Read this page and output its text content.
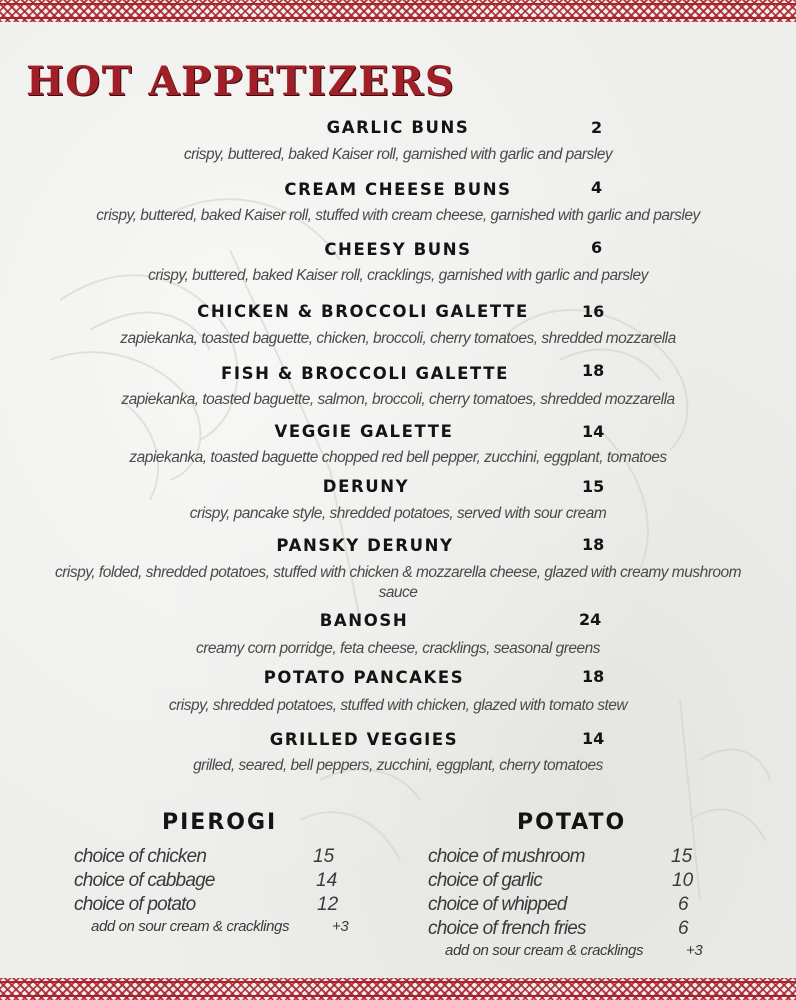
HOT APPETIZERS
GARLIC BUNS	2
crispy, buttered, baked Kaiser roll, garnished with garlic and parsley
CREAM CHEESE BUNS	4
crispy, buttered, baked Kaiser roll, stuffed with cream cheese, garnished with garlic and parsley
CHEESY BUNS	6
crispy, buttered, baked Kaiser roll, cracklings, garnished with garlic and parsley
CHICKEN & BROCCOLI GALETTE	16
zapiekanka, toasted baguette, chicken, broccoli, cherry tomatoes, shredded mozzarella
FISH & BROCCOLI GALETTE	18
zapiekanka, toasted baguette, salmon, broccoli, cherry tomatoes, shredded mozzarella
VEGGIE GALETTE	14
zapiekanka, toasted baguette chopped red bell pepper, zucchini, eggplant, tomatoes
DERUNY	15
crispy, pancake style, shredded potatoes, served with sour cream
PANSKY DERUNY	18
crispy, folded, shredded potatoes, stuffed with chicken & mozzarella cheese, glazed with creamy mushroom sauce
BANOSH	24
creamy corn porridge, feta cheese, cracklings, seasonal greens
POTATO PANCAKES	18
crispy, shredded potatoes, stuffed with chicken, glazed with tomato stew
GRILLED VEGGIES	14
grilled, seared, bell peppers, zucchini, eggplant, cherry tomatoes
PIEROGI
choice of chicken	15
choice of cabbage	14
choice of potato	12
add on sour cream & cracklings	+3
POTATO
choice of mushroom	15
choice of garlic	10
choice of whipped	6
choice of french fries	6
add on sour cream & cracklings	+3
